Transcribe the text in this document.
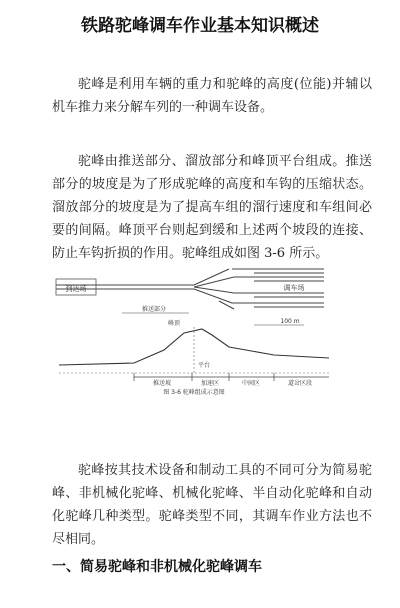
铁路驼峰调车作业基本知识概述

驼峰是利用车辆的重力和驼峰的高度(位能)并辅以机车推力来分解车列的一种调车设备。

驼峰由推送部分、溜放部分和峰顶平台组成。推送部分的坡度是为了形成驼峰的高度和车钩的压缩状态。溜放部分的坡度是为了提高车组的溜行速度和车组间必要的间隔。峰顶平台则起到缓和上述两个坡段的连接、防止车钩折损的作用。驼峰组成如图 3-6 所示。

到达场	调车场
推送部分
100 m
峰顶
平台
推送坡	加速区	中间区	道岔区段
图 3-6 驼峰组成示意图

驼峰按其技术设备和制动工具的不同可分为简易驼峰、非机械化驼峰、机械化驼峰、半自动化驼峰和自动化驼峰几种类型。驼峰类型不同，其调车作业方法也不尽相同。

一、简易驼峰和非机械化驼峰调车
